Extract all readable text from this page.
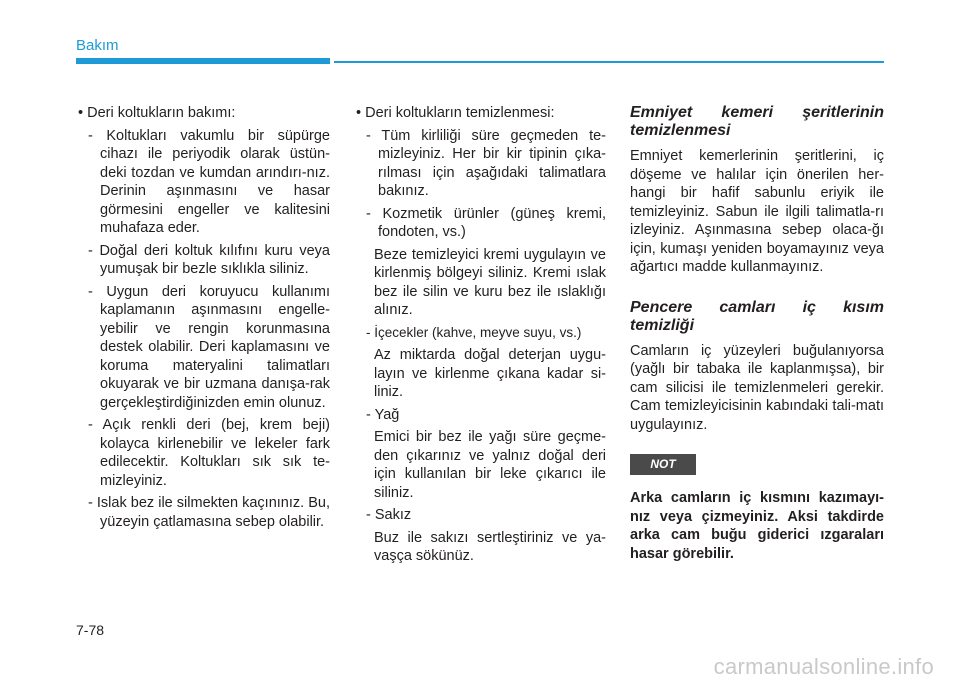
Bakım

• Deri koltukların bakımı:

- Koltukları vakumlu bir süpürge cihazı ile periyodik olarak üstün-deki tozdan ve kumdan arındırı-nız. Derinin aşınmasını ve hasar görmesini engeller ve kalitesini muhafaza eder.

- Doğal deri koltuk kılıfını kuru veya yumuşak bir bezle sıklıkla siliniz.

- Uygun deri koruyucu kullanımı kaplamanın aşınmasını engelle-yebilir ve rengin korunmasına destek olabilir. Deri kaplamasını ve koruma materyalini talimatları okuyarak ve bir uzmana danışa-rak gerçekleştirdiğinizden emin olunuz.

- Açık renkli deri (bej, krem beji) kolayca kirlenebilir ve lekeler fark edilecektir. Koltukları sık sık te-mizleyiniz.

- Islak bez ile silmekten kaçınınız. Bu, yüzeyin çatlamasına sebep olabilir.

• Deri koltukların temizlenmesi:

- Tüm kirliliği süre geçmeden te-mizleyiniz. Her bir kir tipinin çıka-rılması için aşağıdaki talimatlara bakınız.

- Kozmetik ürünler (güneş kremi, fondoten, vs.)

Beze temizleyici kremi uygulayın ve kirlenmiş bölgeyi siliniz. Kremi ıslak bez ile silin ve kuru bez ile ıslaklığı alınız.

- İçecekler (kahve, meyve suyu, vs.)

Az miktarda doğal deterjan uygu-layın ve kirlenme çıkana kadar si-liniz.

- Yağ

Emici bir bez ile yağı süre geçme-den çıkarınız ve yalnız doğal deri için kullanılan bir leke çıkarıcı ile siliniz.

- Sakız

Buz ile sakızı sertleştiriniz ve ya-vaşça sökünüz.

Emniyet kemeri şeritlerinin temizlenmesi

Emniyet kemerlerinin şeritlerini, iç döşeme ve halılar için önerilen her-hangi bir hafif sabunlu eriyik ile temizleyiniz. Sabun ile ilgili talimatla-rı izleyiniz. Aşınmasına sebep olaca-ğı için, kumaşı yeniden boyamayınız veya ağartıcı madde kullanmayınız.

Pencere camları iç kısım temizliği

Camların iç yüzeyleri buğulanıyorsa (yağlı bir tabaka ile kaplanmışsa), bir cam silicisi ile temizlenmeleri gerekir. Cam temizleyicisinin kabındaki tali-matı uygulayınız.

NOT

Arka camların iç kısmını kazımayı-nız veya çizmeyiniz. Aksi takdirde arka cam buğu giderici ızgaraları hasar görebilir.

7-78
carmanualsonline.info
